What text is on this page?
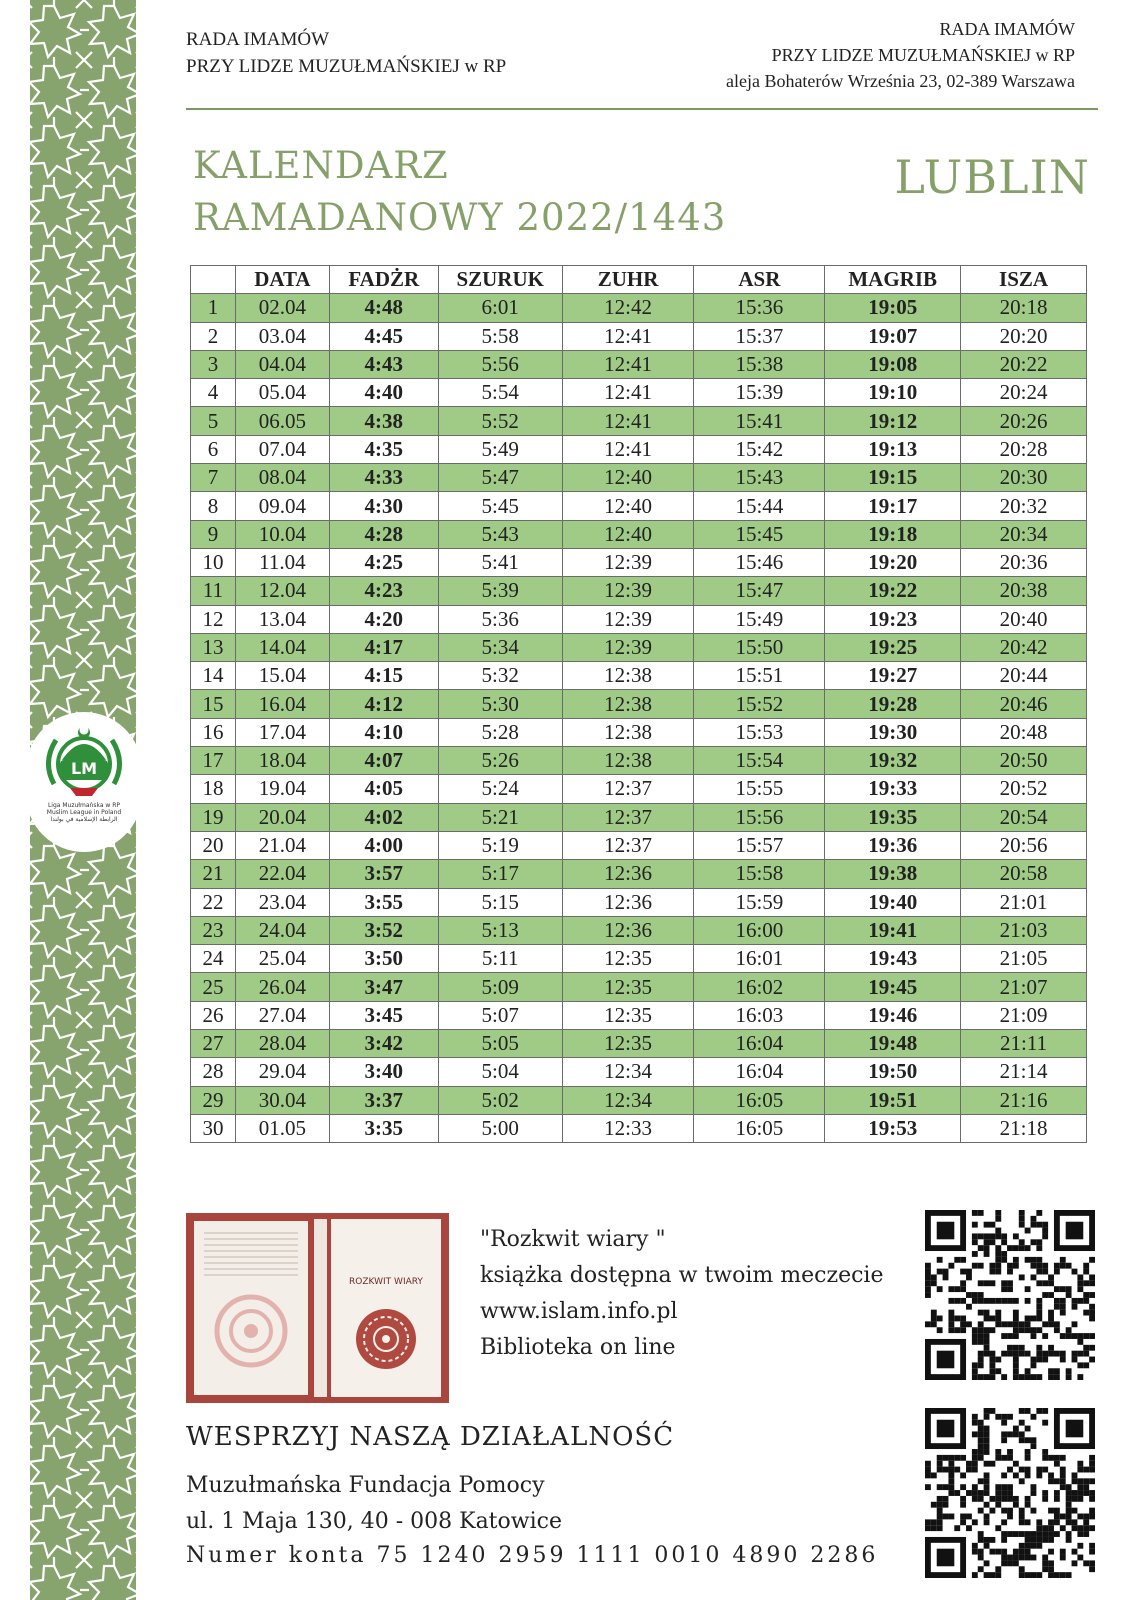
LM
Liga Muzułmańska w RP
Muslim League in Poland
الرابطة الإسلامية في بولندا
RADA IMAMÓW
PRZY LIDZE MUZUŁMAŃSKIEJ w RP
RADA IMAMÓW
PRZY LIDZE MUZUŁMAŃSKIEJ w RP
aleja Bohaterów Września 23, 02-389 Warszawa
KALENDARZ
RAMADANOWY 2022/1443
LUBLIN
	DATA	FADŻR	SZURUK	ZUHR	ASR	MAGRIB	ISZA
1	02.04	4:48	6:01	12:42	15:36	19:05	20:18
2	03.04	4:45	5:58	12:41	15:37	19:07	20:20
3	04.04	4:43	5:56	12:41	15:38	19:08	20:22
4	05.04	4:40	5:54	12:41	15:39	19:10	20:24
5	06.05	4:38	5:52	12:41	15:41	19:12	20:26
6	07.04	4:35	5:49	12:41	15:42	19:13	20:28
7	08.04	4:33	5:47	12:40	15:43	19:15	20:30
8	09.04	4:30	5:45	12:40	15:44	19:17	20:32
9	10.04	4:28	5:43	12:40	15:45	19:18	20:34
10	11.04	4:25	5:41	12:39	15:46	19:20	20:36
11	12.04	4:23	5:39	12:39	15:47	19:22	20:38
12	13.04	4:20	5:36	12:39	15:49	19:23	20:40
13	14.04	4:17	5:34	12:39	15:50	19:25	20:42
14	15.04	4:15	5:32	12:38	15:51	19:27	20:44
15	16.04	4:12	5:30	12:38	15:52	19:28	20:46
16	17.04	4:10	5:28	12:38	15:53	19:30	20:48
17	18.04	4:07	5:26	12:38	15:54	19:32	20:50
18	19.04	4:05	5:24	12:37	15:55	19:33	20:52
19	20.04	4:02	5:21	12:37	15:56	19:35	20:54
20	21.04	4:00	5:19	12:37	15:57	19:36	20:56
21	22.04	3:57	5:17	12:36	15:58	19:38	20:58
22	23.04	3:55	5:15	12:36	15:59	19:40	21:01
23	24.04	3:52	5:13	12:36	16:00	19:41	21:03
24	25.04	3:50	5:11	12:35	16:01	19:43	21:05
25	26.04	3:47	5:09	12:35	16:02	19:45	21:07
26	27.04	3:45	5:07	12:35	16:03	19:46	21:09
27	28.04	3:42	5:05	12:35	16:04	19:48	21:11
28	29.04	3:40	5:04	12:34	16:04	19:50	21:14
29	30.04	3:37	5:02	12:34	16:05	19:51	21:16
30	01.05	3:35	5:00	12:33	16:05	19:53	21:18
ROZKWIT WIARY
"Rozkwit wiary "
książka dostępna w twoim meczecie
www.islam.info.pl
Biblioteka on line
WESPRZYJ NASZĄ DZIAŁALNOŚĆ
Muzułmańska Fundacja Pomocy
ul. 1 Maja 130, 40 - 008 Katowice
Numer konta 75 1240 2959 1111 0010 4890 2286
